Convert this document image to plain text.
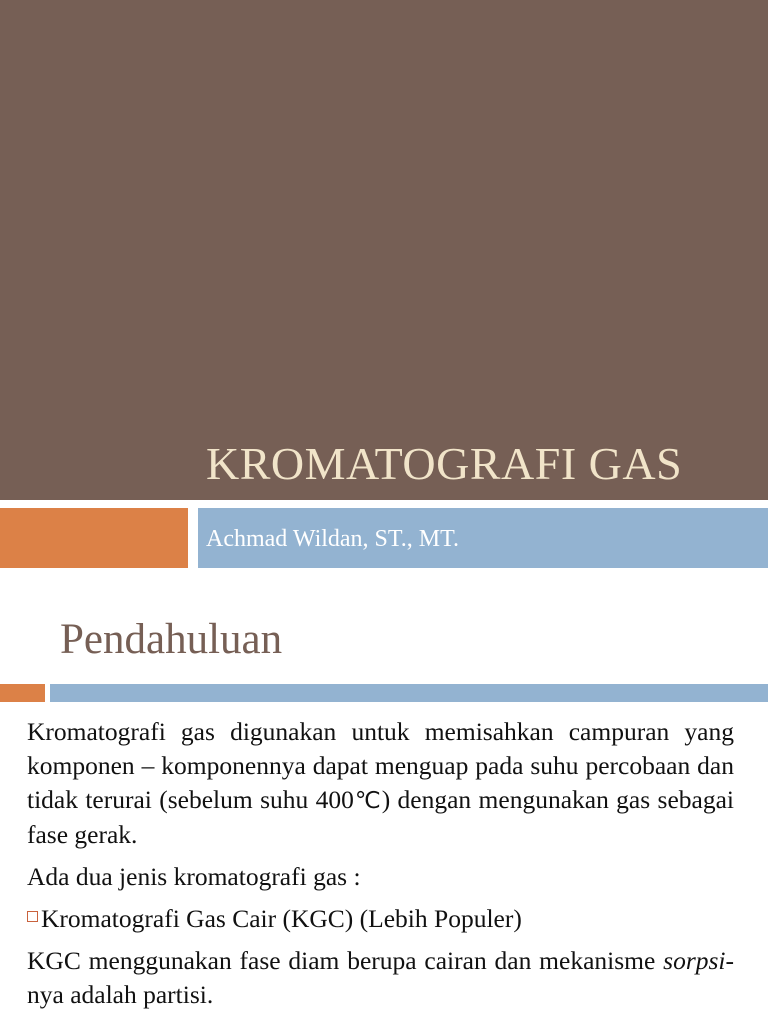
KROMATOGRAFI GAS
Achmad Wildan, ST., MT.
Pendahuluan

Kromatografi gas digunakan untuk memisahkan campuran yang komponen – komponennya dapat menguap pada suhu percobaan dan tidak terurai (sebelum suhu 400℃) dengan mengunakan gas sebagai fase gerak.

Ada dua jenis kromatografi gas :

Kromatografi Gas Cair (KGC) (Lebih Populer)

KGC menggunakan fase diam berupa cairan dan mekanisme sorpsi-nya adalah partisi.
